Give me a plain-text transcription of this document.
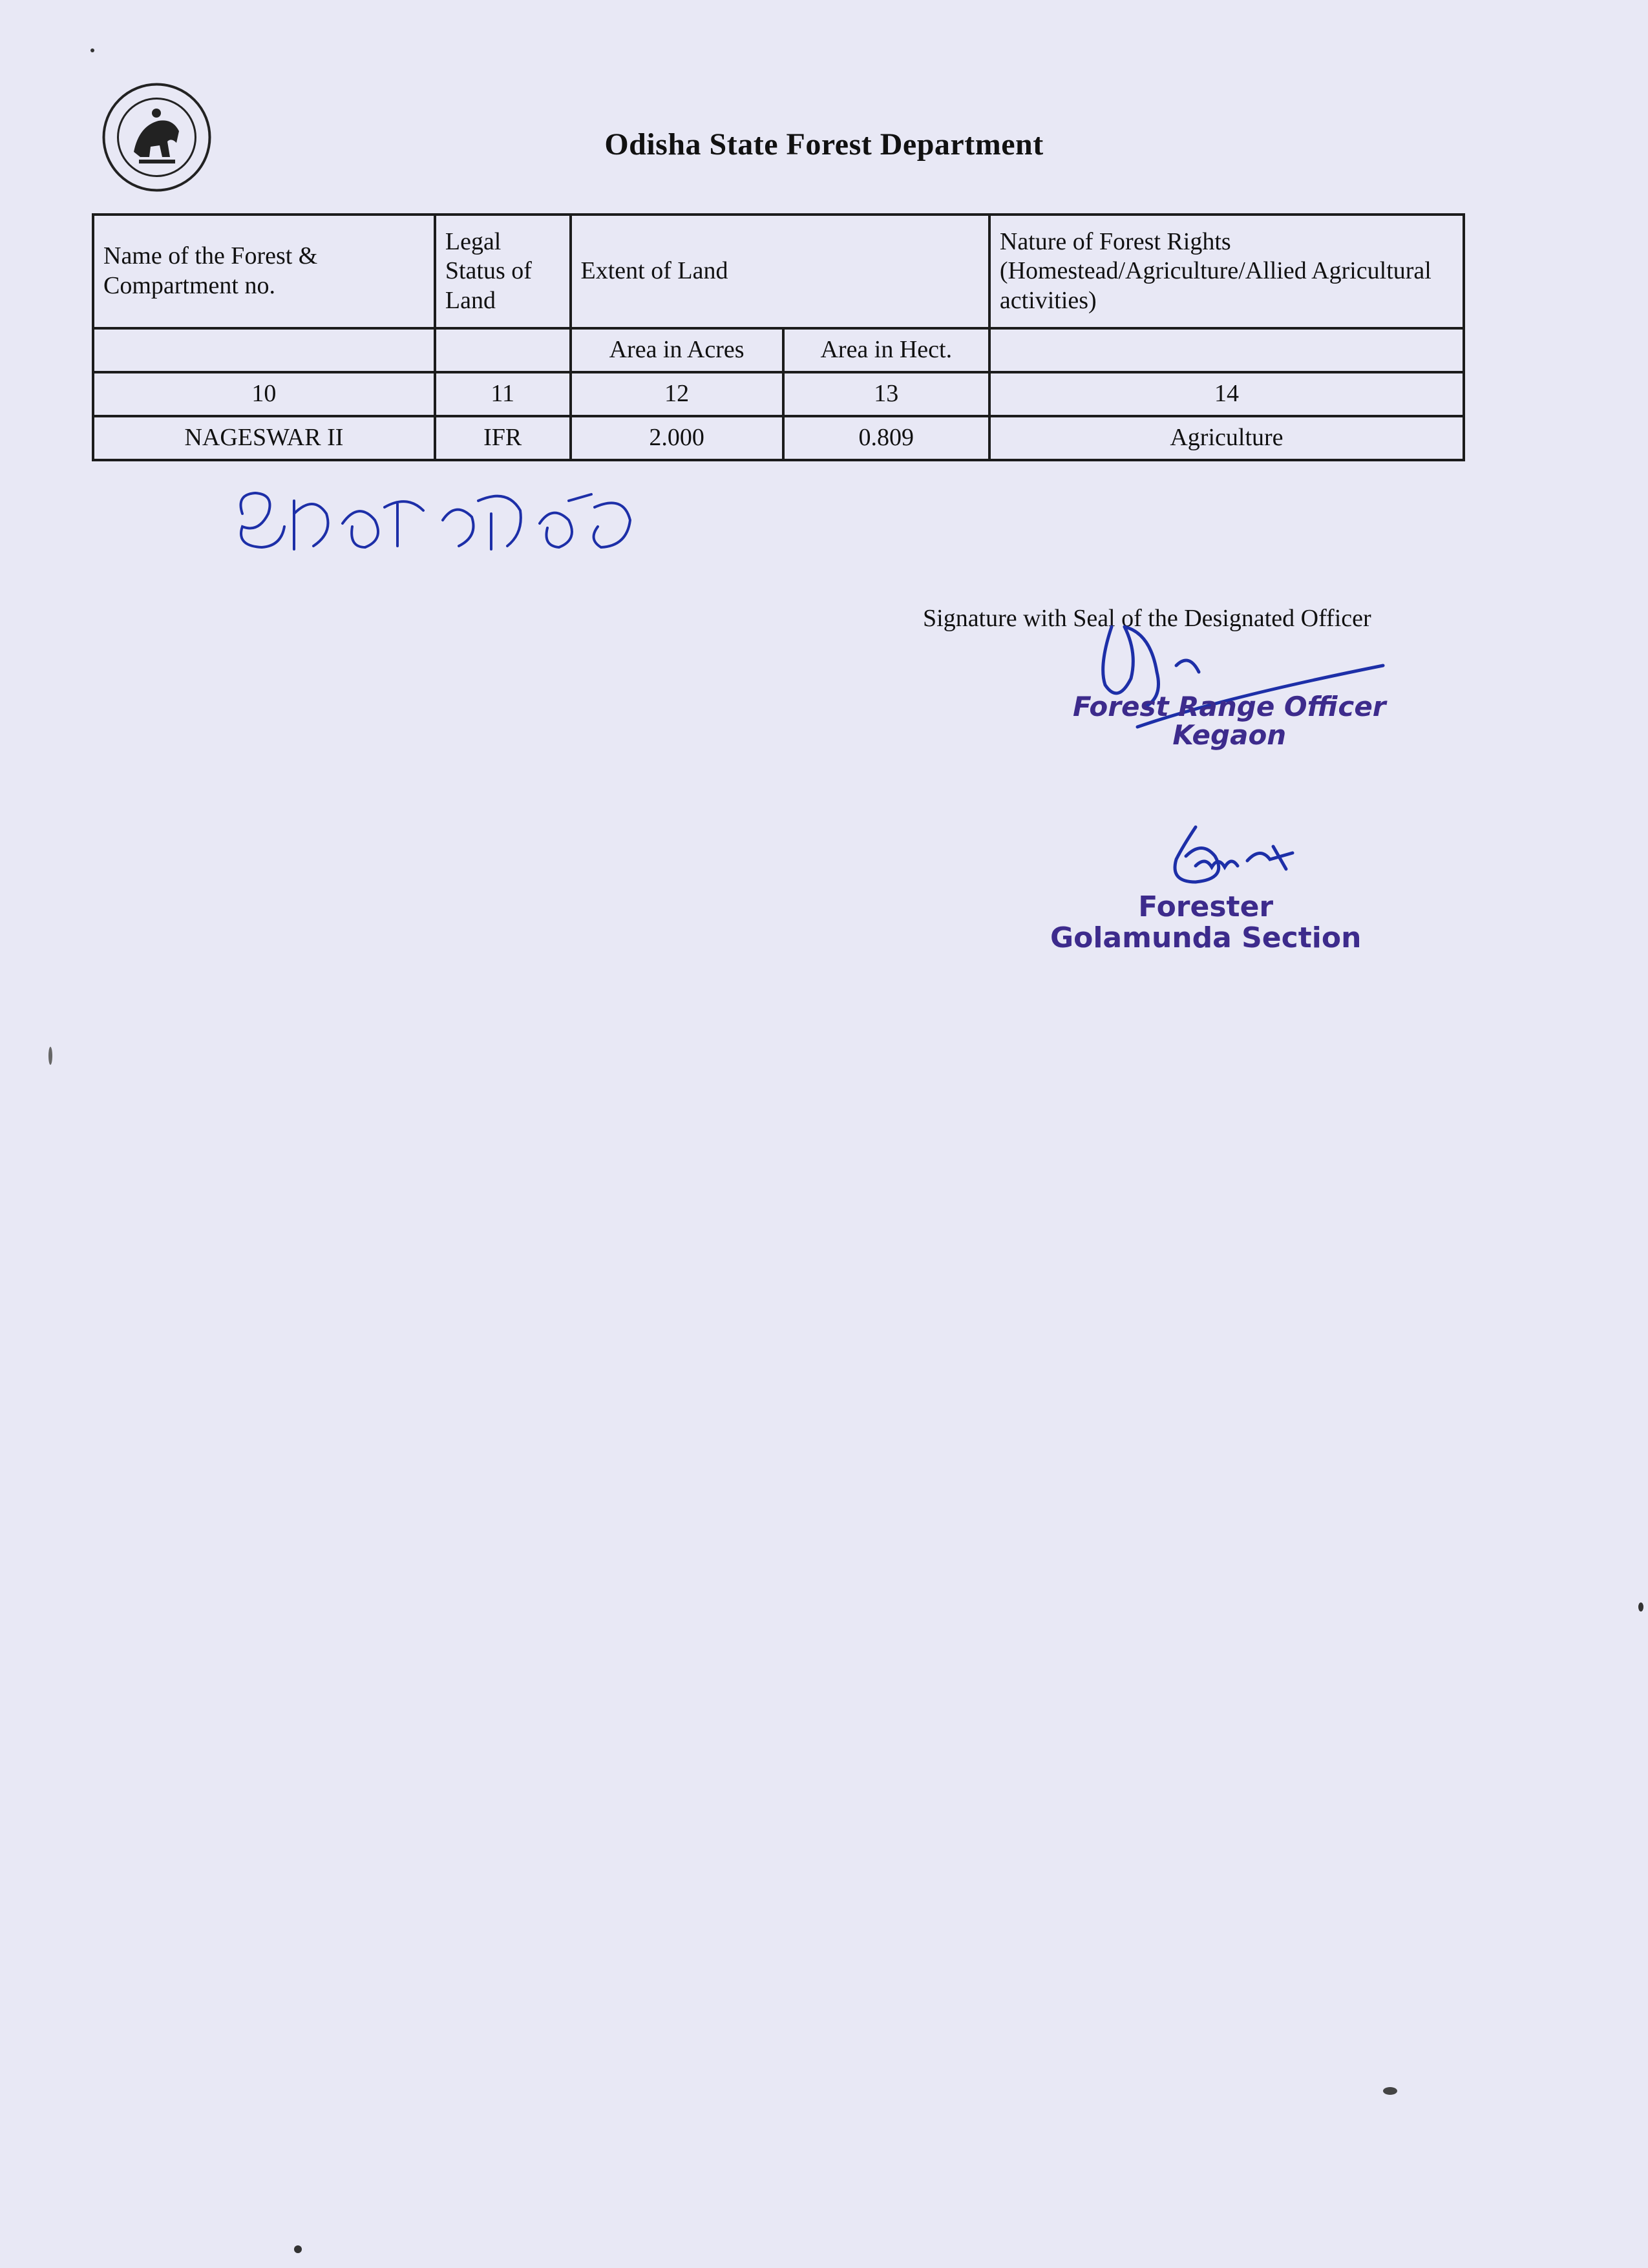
Odisha State Forest Department
Name of the Forest & Compartment no.	Legal Status of Land	Extent of Land		Nature of Forest Rights (Homestead/Agriculture/Allied Agricultural activities)
		Area in Acres	Area in Hect.	
10	11	12	13	14
NAGESWAR II	IFR	2.000	0.809	Agriculture
Signature with Seal of the Designated Officer
Forest Range Officer
Kegaon
Forester
Golamunda Section
